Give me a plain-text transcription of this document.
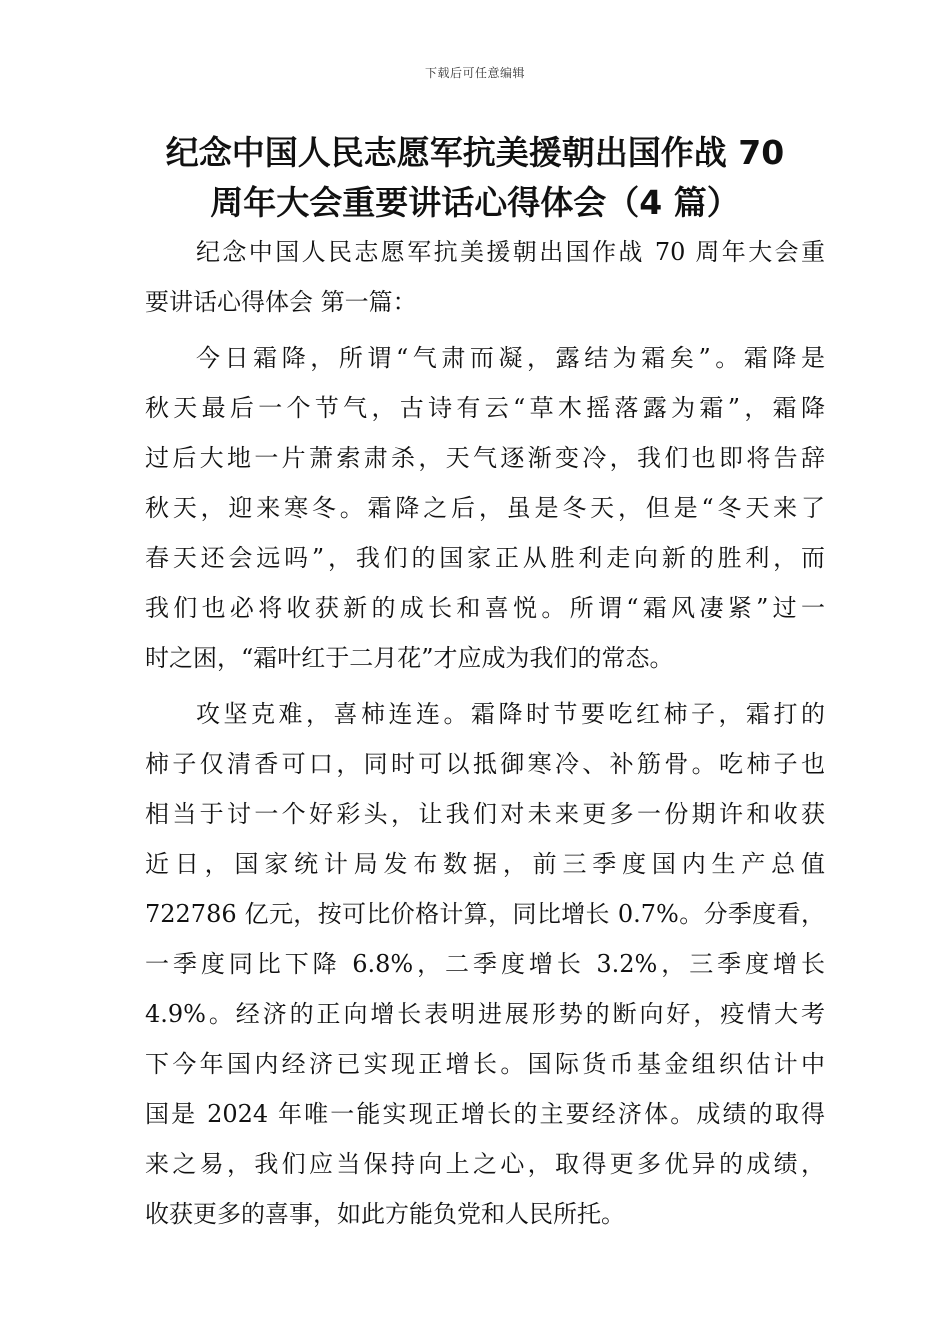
下载后可任意编辑
纪念中国人民志愿军抗美援朝出国作战 70
周年大会重要讲话心得体会（4 篇）
纪念中国人民志愿军抗美援朝出国作战 70 周年大会重
要讲话心得体会 第一篇：
今日霜降，所谓“气肃而凝，露结为霜矣”。霜降是
秋天最后一个节气，古诗有云“草木摇落露为霜”，霜降
过后大地一片萧索肃杀，天气逐渐变冷，我们也即将告辞
秋天，迎来寒冬。霜降之后，虽是冬天，但是“冬天来了
春天还会远吗”，我们的国家正从胜利走向新的胜利，而
我们也必将收获新的成长和喜悦。所谓“霜风凄紧”过一
时之困，“霜叶红于二月花”才应成为我们的常态。
攻坚克难，喜柿连连。霜降时节要吃红柿子，霜打的
柿子仅清香可口，同时可以抵御寒冷、补筋骨。吃柿子也
相当于讨一个好彩头，让我们对未来更多一份期许和收获
近日，国家统计局发布数据，前三季度国内生产总值
722786 亿元，按可比价格计算，同比增长 0.7%。分季度看，
一季度同比下降 6.8%，二季度增长 3.2%，三季度增长
4.9%。经济的正向增长表明进展形势的断向好，疫情大考
下今年国内经济已实现正增长。国际货币基金组织估计中
国是 2024 年唯一能实现正增长的主要经济体。成绩的取得
来之易，我们应当保持向上之心，取得更多优异的成绩，
收获更多的喜事，如此方能负党和人民所托。
